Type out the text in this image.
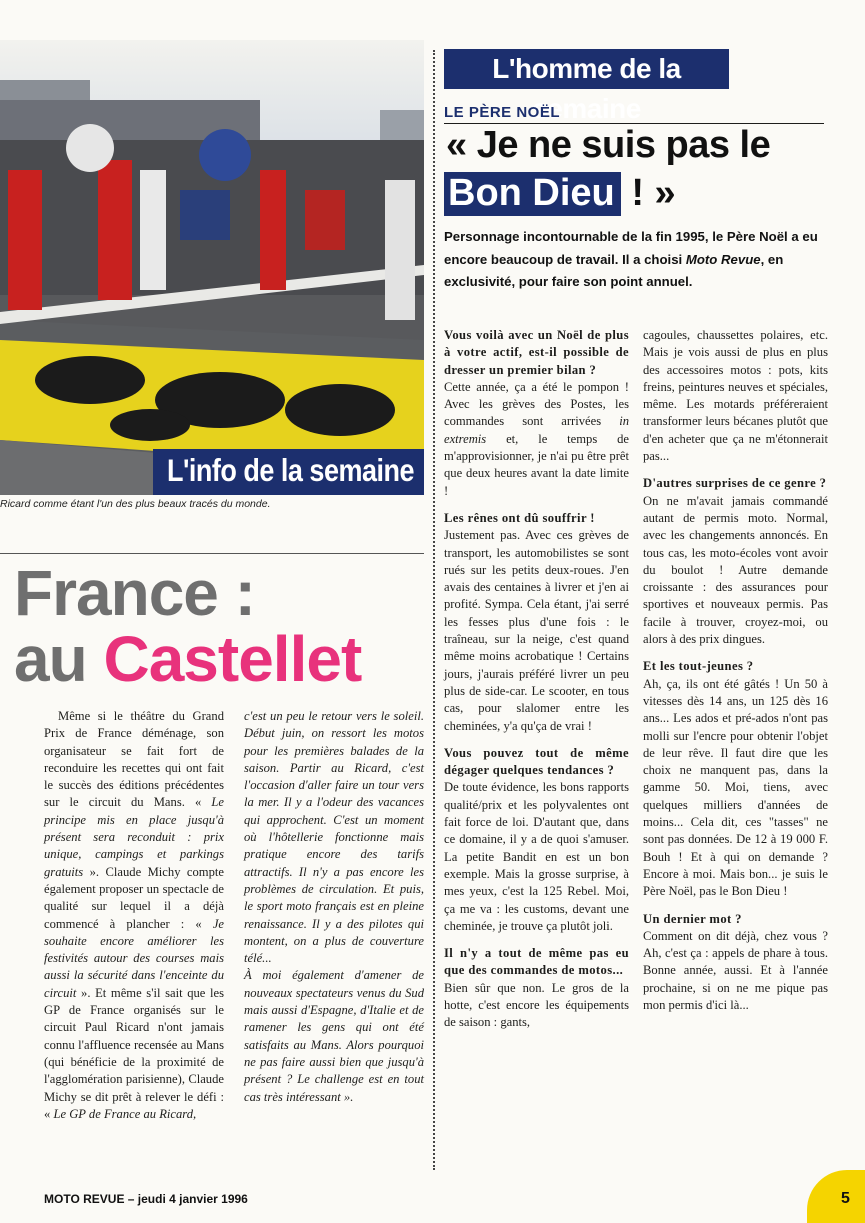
L'info de la semaine
Ricard comme étant l'un des plus beaux tracés du monde.
France :
au Castellet

Même si le théâtre du Grand Prix de France déménage, son organisateur se fait fort de reconduire les recettes qui ont fait le succès des éditions précédentes sur le circuit du Mans. « Le principe mis en place jusqu'à présent sera reconduit : prix unique, campings et parkings gratuits ». Claude Michy compte également proposer un spectacle de qualité sur lequel il a déjà commencé à plancher : « Je souhaite encore améliorer les festivités autour des courses mais aussi la sécurité dans l'enceinte du circuit ». Et même s'il sait que les GP de France organisés sur le circuit Paul Ricard n'ont jamais connu l'affluence recensée au Mans (qui bénéficie de la proximité de l'agglomération parisienne), Claude Michy se dit prêt à relever le défi : « Le GP de France au Ricard,

c'est un peu le retour vers le soleil. Début juin, on ressort les motos pour les premières balades de la saison. Partir au Ricard, c'est l'occasion d'aller faire un tour vers la mer. Il y a l'odeur des vacances qui approchent. C'est un moment où l'hôtellerie fonctionne mais pratique encore des tarifs attractifs. Il n'y a pas encore les problèmes de circulation. Et puis, le sport moto français est en pleine renaissance. Il y a des pilotes qui montent, on a plus de couverture télé...

À moi également d'amener de nouveaux spectateurs venus du Sud mais aussi d'Espagne, d'Italie et de ramener les gens qui ont été satisfaits au Mans. Alors pourquoi ne pas faire aussi bien que jusqu'à présent ? Le challenge est en tout cas très intéressant ».

L'homme de la semaine
LE PÈRE NOËL
« Je ne suis pas le
Bon Dieu ! »
Personnage incontournable de la fin 1995, le Père Noël a eu encore beaucoup de travail. Il a choisi Moto Revue, en exclusivité, pour faire son point annuel.

Vous voilà avec un Noël de plus à votre actif, est-il possible de dresser un premier bilan ?

Cette année, ça a été le pompon ! Avec les grèves des Postes, les commandes sont arrivées in extremis et, le temps de m'approvisionner, je n'ai pu être prêt que deux heures avant la date limite !

Les rênes ont dû souffrir !

Justement pas. Avec ces grèves de transport, les automobilistes se sont rués sur les petits deux-roues. J'en avais des centaines à livrer et j'en ai profité. Sympa. Cela étant, j'ai serré les fesses plus d'une fois : le traîneau, sur la neige, c'est quand même moins acrobatique ! Certains jours, j'aurais préféré livrer un peu plus de side-car. Le scooter, en tous cas, pour slalomer entre les cheminées, y'a qu'ça de vrai !

Vous pouvez tout de même dégager quelques tendances ?

De toute évidence, les bons rapports qualité/prix et les polyvalentes ont fait force de loi. D'autant que, dans ce domaine, il y a de quoi s'amuser. La petite Bandit en est un bon exemple. Mais la grosse surprise, à mes yeux, c'est la 125 Rebel. Moi, ça me va : les customs, devant une cheminée, je trouve ça plutôt joli.

Il n'y a tout de même pas eu que des commandes de motos...

Bien sûr que non. Le gros de la hotte, c'est encore les équipements de saison : gants,

cagoules, chaussettes polaires, etc. Mais je vois aussi de plus en plus des accessoires motos : pots, kits freins, peintures neuves et spéciales, même. Les motards préféreraient transformer leurs bécanes plutôt que d'en acheter que ça ne m'étonnerait pas...

D'autres surprises de ce genre ?

On ne m'avait jamais commandé autant de permis moto. Normal, avec les changements annoncés. En tous cas, les moto-écoles vont avoir du boulot ! Autre demande croissante : des assurances pour sportives et nouveaux permis. Pas facile à trouver, croyez-moi, ou alors à des prix dingues.

Et les tout-jeunes ?

Ah, ça, ils ont été gâtés ! Un 50 à vitesses dès 14 ans, un 125 dès 16 ans... Les ados et pré-ados n'ont pas molli sur l'encre pour obtenir l'objet de leur rêve. Il faut dire que les choix ne manquent pas, dans la gamme 50. Moi, tiens, avec quelques milliers d'années de moins... Cela dit, ces "tasses" ne sont pas données. De 12 à 19 000 F. Bouh ! Et à qui on demande ? Encore à moi. Mais bon... je suis le Père Noël, pas le Bon Dieu !

Un dernier mot ?

Comment on dit déjà, chez vous ? Ah, c'est ça : appels de phare à tous. Bonne année, aussi. Et à l'année prochaine, si on ne me pique pas mon permis d'ici là...

MOTO REVUE – jeudi 4 janvier 1996	5
